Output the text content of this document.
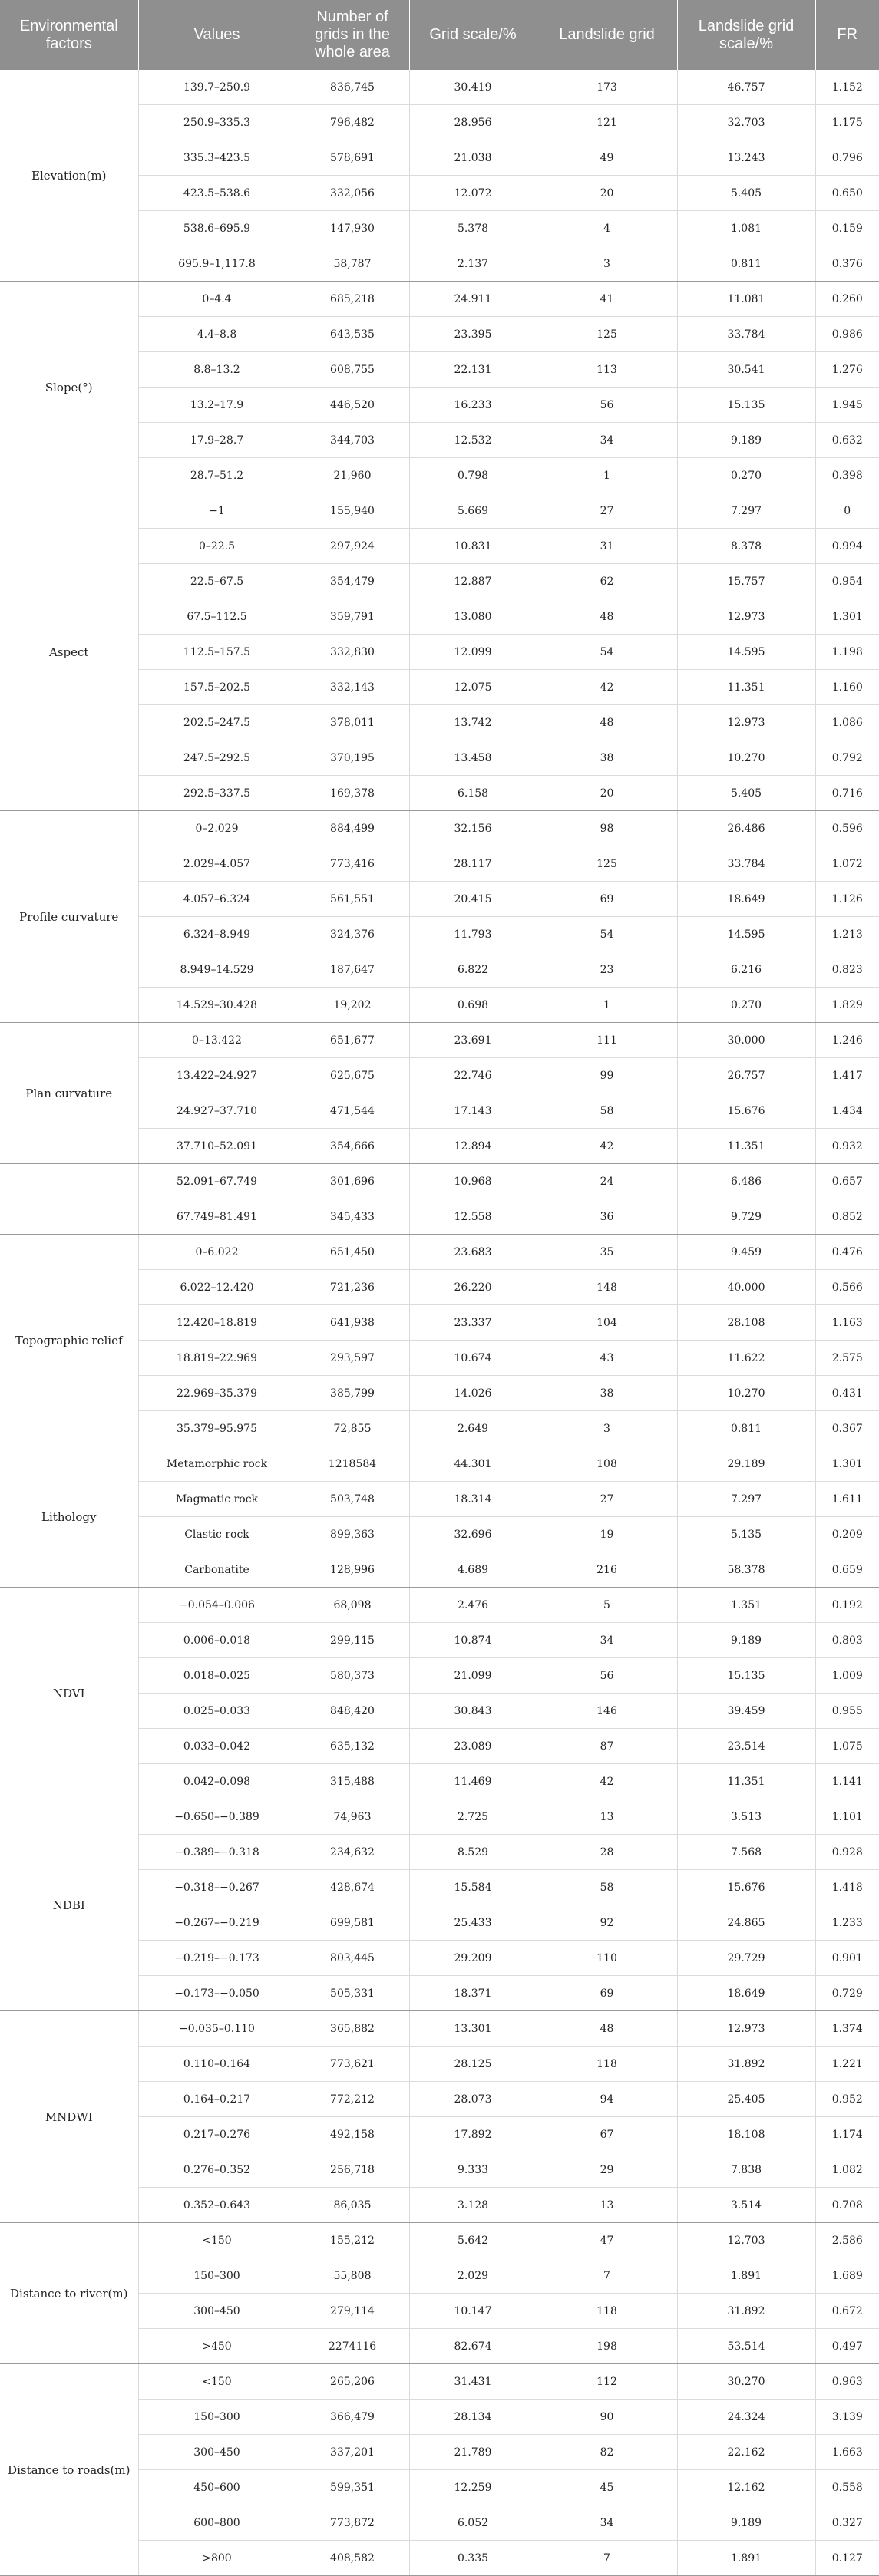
Environmental factors	Values	Number of grids in the whole area	Grid scale/%	Landslide grid	Landslide grid scale/%	FR
Elevation(m)	139.7–250.9	836,745	30.419	173	46.757	1.152
	250.9–335.3	796,482	28.956	121	32.703	1.175
	335.3–423.5	578,691	21.038	49	13.243	0.796
	423.5–538.6	332,056	12.072	20	5.405	0.650
	538.6–695.9	147,930	5.378	4	1.081	0.159
	695.9–1,117.8	58,787	2.137	3	0.811	0.376
Slope(°)	0–4.4	685,218	24.911	41	11.081	0.260
	4.4–8.8	643,535	23.395	125	33.784	0.986
	8.8–13.2	608,755	22.131	113	30.541	1.276
	13.2–17.9	446,520	16.233	56	15.135	1.945
	17.9–28.7	344,703	12.532	34	9.189	0.632
	28.7–51.2	21,960	0.798	1	0.270	0.398
Aspect	−1	155,940	5.669	27	7.297	0
	0–22.5	297,924	10.831	31	8.378	0.994
	22.5–67.5	354,479	12.887	62	15.757	0.954
	67.5–112.5	359,791	13.080	48	12.973	1.301
	112.5–157.5	332,830	12.099	54	14.595	1.198
	157.5–202.5	332,143	12.075	42	11.351	1.160
	202.5–247.5	378,011	13.742	48	12.973	1.086
	247.5–292.5	370,195	13.458	38	10.270	0.792
	292.5–337.5	169,378	6.158	20	5.405	0.716
Profile curvature	0–2.029	884,499	32.156	98	26.486	0.596
	2.029–4.057	773,416	28.117	125	33.784	1.072
	4.057–6.324	561,551	20.415	69	18.649	1.126
	6.324–8.949	324,376	11.793	54	14.595	1.213
	8.949–14.529	187,647	6.822	23	6.216	0.823
	14.529–30.428	19,202	0.698	1	0.270	1.829
Plan curvature	0–13.422	651,677	23.691	111	30.000	1.246
	13.422–24.927	625,675	22.746	99	26.757	1.417
	24.927–37.710	471,544	17.143	58	15.676	1.434
	37.710–52.091	354,666	12.894	42	11.351	0.932
	52.091–67.749	301,696	10.968	24	6.486	0.657
	67.749–81.491	345,433	12.558	36	9.729	0.852
Topographic relief	0–6.022	651,450	23.683	35	9.459	0.476
	6.022–12.420	721,236	26.220	148	40.000	0.566
	12.420–18.819	641,938	23.337	104	28.108	1.163
	18.819–22.969	293,597	10.674	43	11.622	2.575
	22.969–35.379	385,799	14.026	38	10.270	0.431
	35.379–95.975	72,855	2.649	3	0.811	0.367
Lithology	Metamorphic rock	1218584	44.301	108	29.189	1.301
	Magmatic rock	503,748	18.314	27	7.297	1.611
	Clastic rock	899,363	32.696	19	5.135	0.209
	Carbonatite	128,996	4.689	216	58.378	0.659
NDVI	−0.054–0.006	68,098	2.476	5	1.351	0.192
	0.006–0.018	299,115	10.874	34	9.189	0.803
	0.018–0.025	580,373	21.099	56	15.135	1.009
	0.025–0.033	848,420	30.843	146	39.459	0.955
	0.033–0.042	635,132	23.089	87	23.514	1.075
	0.042–0.098	315,488	11.469	42	11.351	1.141
NDBI	−0.650–−0.389	74,963	2.725	13	3.513	1.101
	−0.389–−0.318	234,632	8.529	28	7.568	0.928
	−0.318–−0.267	428,674	15.584	58	15.676	1.418
	−0.267–−0.219	699,581	25.433	92	24.865	1.233
	−0.219–−0.173	803,445	29.209	110	29.729	0.901
	−0.173–−0.050	505,331	18.371	69	18.649	0.729
MNDWI	−0.035–0.110	365,882	13.301	48	12.973	1.374
	0.110–0.164	773,621	28.125	118	31.892	1.221
	0.164–0.217	772,212	28.073	94	25.405	0.952
	0.217–0.276	492,158	17.892	67	18.108	1.174
	0.276–0.352	256,718	9.333	29	7.838	1.082
	0.352–0.643	86,035	3.128	13	3.514	0.708
Distance to river(m)	<150	155,212	5.642	47	12.703	2.586
	150–300	55,808	2.029	7	1.891	1.689
	300–450	279,114	10.147	118	31.892	0.672
	>450	2274116	82.674	198	53.514	0.497
Distance to roads(m)	<150	265,206	31.431	112	30.270	0.963
	150–300	366,479	28.134	90	24.324	3.139
	300–450	337,201	21.789	82	22.162	1.663
	450–600	599,351	12.259	45	12.162	0.558
	600–800	773,872	6.052	34	9.189	0.327
	>800	408,582	0.335	7	1.891	0.127
